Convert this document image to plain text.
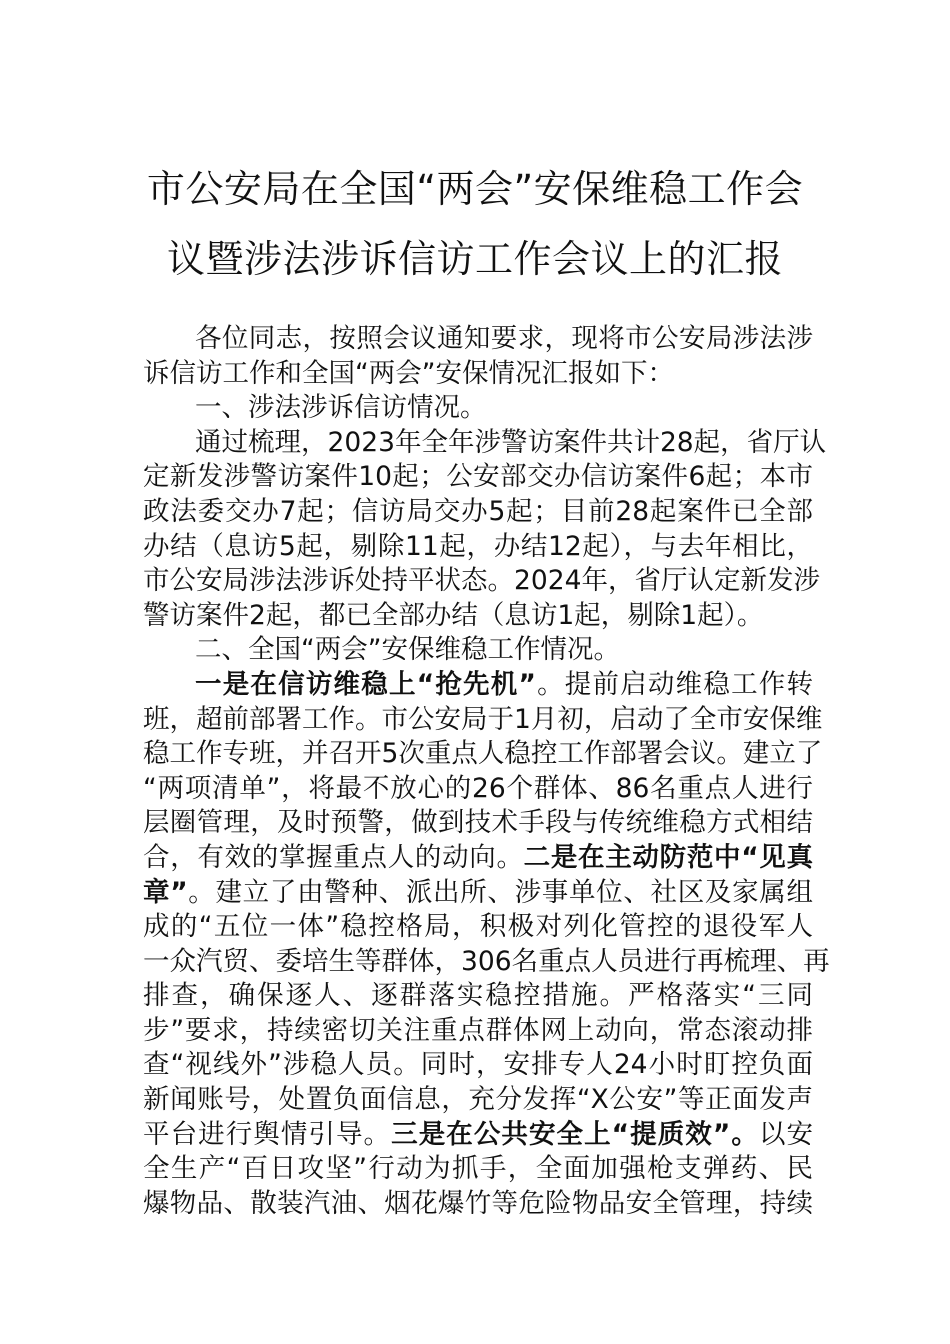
市公安局在全国“两会”安保维稳工作会
议暨涉法涉诉信访工作会议上的汇报
各位同志，按照会议通知要求，现将市公安局涉法涉
诉信访工作和全国“两会”安保情况汇报如下：
一、涉法涉诉信访情况。
通过梳理，2023年全年涉警访案件共计28起，省厅认
定新发涉警访案件10起；公安部交办信访案件6起；本市
政法委交办7起；信访局交办5起；目前28起案件已全部
办结（息访5起，剔除11起，办结12起），与去年相比，
市公安局涉法涉诉处持平状态。2024年，省厅认定新发涉
警访案件2起，都已全部办结（息访1起，剔除1起）。
二、全国“两会”安保维稳工作情况。
一是在信访维稳上“抢先机”。提前启动维稳工作转
班，超前部署工作。市公安局于1月初，启动了全市安保维
稳工作专班，并召开5次重点人稳控工作部署会议。建立了
“两项清单”，将最不放心的26个群体、86名重点人进行
层圈管理，及时预警，做到技术手段与传统维稳方式相结
合，有效的掌握重点人的动向。二是在主动防范中“见真
章”。建立了由警种、派出所、涉事单位、社区及家属组
成的“五位一体”稳控格局，积极对列化管控的退役军人
一众汽贸、委培生等群体，306名重点人员进行再梳理、再
排查，确保逐人、逐群落实稳控措施。严格落实“三同
步”要求，持续密切关注重点群体网上动向，常态滚动排
查“视线外”涉稳人员。同时，安排专人24小时盯控负面
新闻账号，处置负面信息，充分发挥“X公安”等正面发声
平台进行舆情引导。三是在公共安全上“提质效”。以安
全生产“百日攻坚”行动为抓手，全面加强枪支弹药、民
爆物品、散装汽油、烟花爆竹等危险物品安全管理，持续
